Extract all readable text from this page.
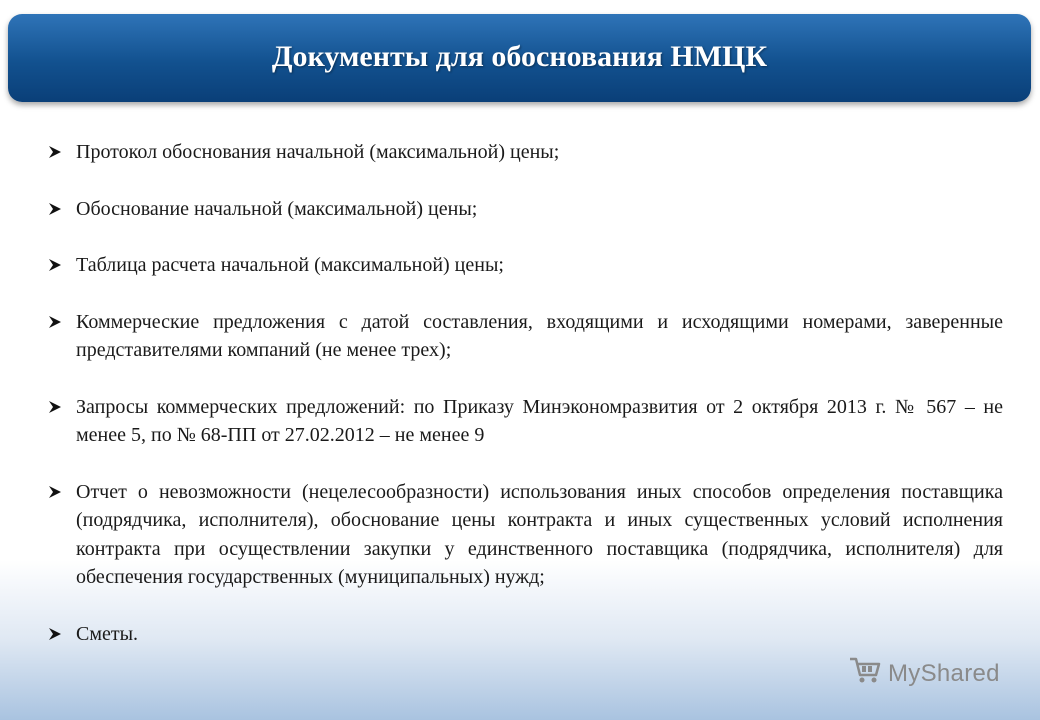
Документы для обоснования НМЦК
Протокол обоснования начальной (максимальной) цены;
Обоснование начальной (максимальной) цены;
Таблица расчета начальной (максимальной) цены;
Коммерческие предложения с датой составления, входящими и исходящими номерами, заверенные представителями компаний (не менее трех);
Запросы коммерческих предложений: по Приказу Минэкономразвития от 2 октября 2013 г. № 567 – не менее 5, по № 68-ПП от 27.02.2012 – не менее 9
Отчет о невозможности (нецелесообразности) использования иных способов определения поставщика (подрядчика, исполнителя), обоснование цены контракта и иных существенных условий исполнения контракта при осуществлении закупки у единственного поставщика (подрядчика, исполнителя) для обеспечения государственных (муниципальных) нужд;
Сметы.
MyShared
